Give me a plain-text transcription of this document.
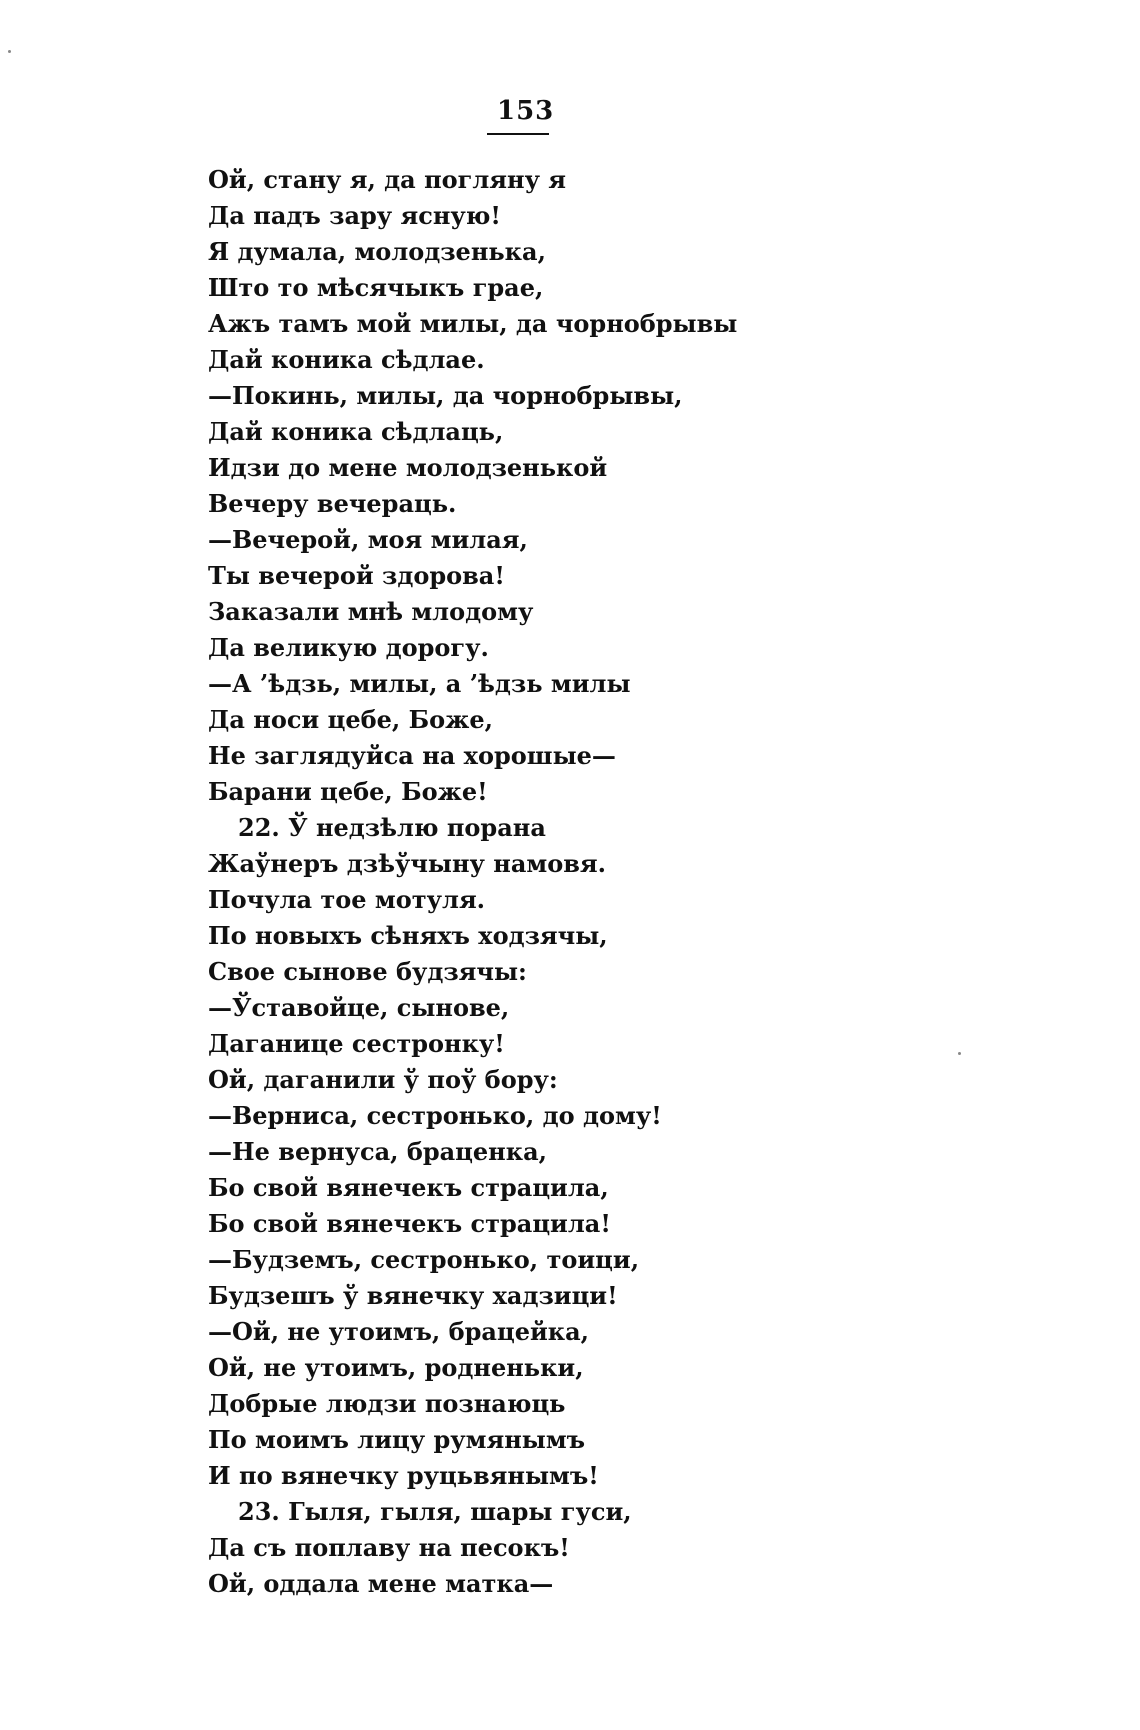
153
Ой, стану я, да погляну я
Да падъ зару ясную!
Я думала, молодзенька,
Што то мѣсячыкъ грае,
Ажъ тамъ мой милы, да чорнобрывы
Дай коника сѣдлае.
—Покинь, милы, да чорнобрывы,
Дай коника сѣдлаць,
Идзи до мене молодзенькой
Вечеру вечераць.
—Вечерой, моя милая,
Ты вечерой здорова!
Заказали мнѣ млодому
Да великую дорогу.
—А ’ѣдзь, милы, а ’ѣдзь милы
Да носи цебе, Боже,
Не заглядуйса на хорошые—
Барани цебе, Боже!
22. Ў недзѣлю порана
Жаўнеръ дзѣўчыну намовя.
Почула тое мотуля.
По новыхъ сѣняхъ ходзячы,
Свое сынове будзячы:
—Ўставойце, сынове,
Даганице сестронку!
Ой, даганили ў поў бору:
—Верниса, сестронько, до дому!
—Не вернуса, браценка,
Бо свой вянечекъ страцила,
Бо свой вянечекъ страцила!
—Будземъ, сестронько, тоици,
Будзешъ ў вянечку хадзици!
—Ой, не утоимъ, брацейка,
Ой, не утоимъ, родненьки,
Добрые людзи познаюць
По моимъ лицу румянымъ
И по вянечку руцьвянымъ!
23. Гыля, гыля, шары гуси,
Да съ поплаву на песокъ!
Ой, оддала мене матка—
